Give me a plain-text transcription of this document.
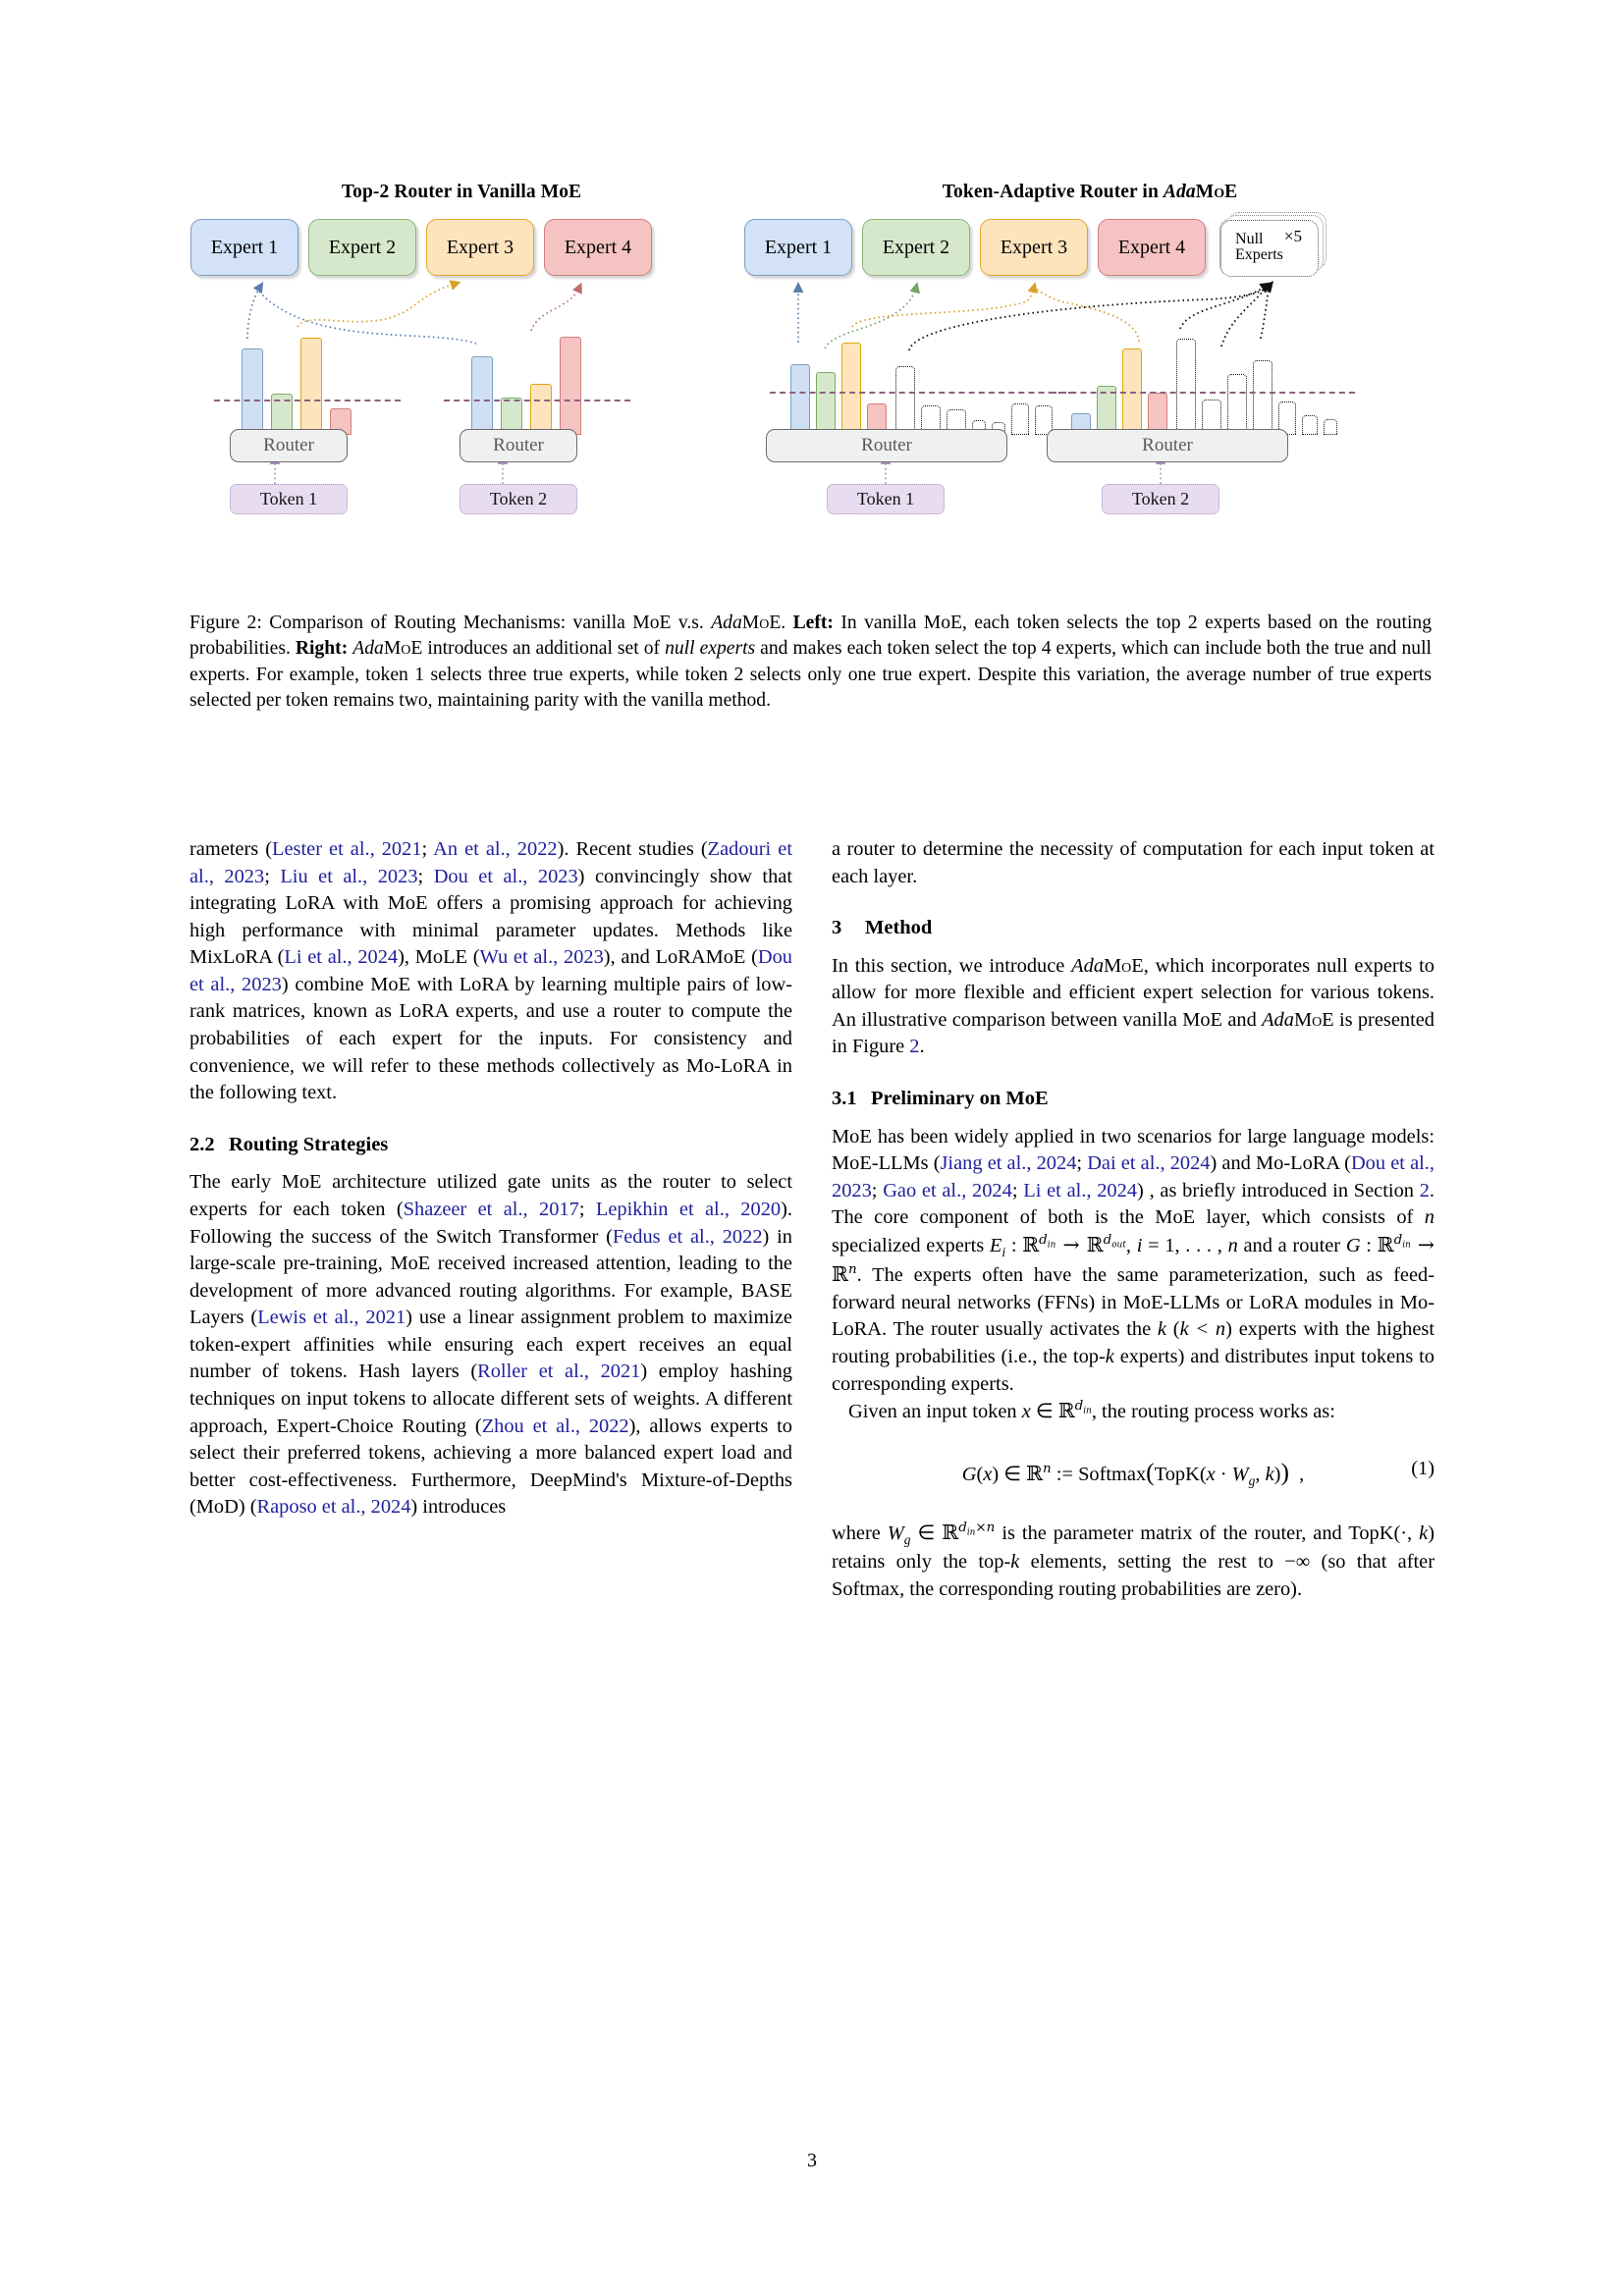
Top-2 Router in Vanilla MoE
Expert 1	Expert 2	Expert 3	Expert 4
Router	Router
Token 1	Token 2
Token-Adaptive Router in AdaMoE
Expert 1	Expert 2	Expert 3	Expert 4	Null
Experts
×5
Router	Router
Token 1	Token 2
Figure 2: Comparison of Routing Mechanisms: vanilla MoE v.s. AdaMoE. Left: In vanilla MoE, each token selects the top 2 experts based on the routing probabilities. Right: AdaMoE introduces an additional set of null experts and makes each token select the top 4 experts, which can include both the true and null experts. For example, token 1 selects three true experts, while token 2 selects only one true expert. Despite this variation, the average number of true experts selected per token remains two, maintaining parity with the vanilla method.

rameters (Lester et al., 2021; An et al., 2022). Recent studies (Zadouri et al., 2023; Liu et al., 2023; Dou et al., 2023) convincingly show that integrating LoRA with MoE offers a promising approach for achieving high performance with minimal parameter updates. Methods like MixLoRA (Li et al., 2024), MoLE (Wu et al., 2023), and LoRAMoE (Dou et al., 2023) combine MoE with LoRA by learning multiple pairs of low-rank matrices, known as LoRA experts, and use a router to compute the probabilities of each expert for the inputs. For consistency and convenience, we will refer to these methods collectively as Mo-LoRA in the following text.

2.2 Routing Strategies

The early MoE architecture utilized gate units as the router to select experts for each token (Shazeer et al., 2017; Lepikhin et al., 2020). Following the success of the Switch Transformer (Fedus et al., 2022) in large-scale pre-training, MoE received increased attention, leading to the development of more advanced routing algorithms. For example, BASE Layers (Lewis et al., 2021) use a linear assignment problem to maximize token-expert affinities while ensuring each expert receives an equal number of tokens. Hash layers (Roller et al., 2021) employ hashing techniques on input tokens to allocate different sets of weights. A different approach, Expert-Choice Routing (Zhou et al., 2022), allows experts to select their preferred tokens, achieving a more balanced expert load and better cost-effectiveness. Furthermore, DeepMind's Mixture-of-Depths (MoD) (Raposo et al., 2024) introduces

a router to determine the necessity of computation for each input token at each layer.

3 Method

In this section, we introduce AdaMoE, which incorporates null experts to allow for more flexible and efficient expert selection for various tokens. An illustrative comparison between vanilla MoE and AdaMoE is presented in Figure 2.

3.1 Preliminary on MoE

MoE has been widely applied in two scenarios for large language models: MoE-LLMs (Jiang et al., 2024; Dai et al., 2024) and Mo-LoRA (Dou et al., 2023; Gao et al., 2024; Li et al., 2024) , as briefly introduced in Section 2. The core component of both is the MoE layer, which consists of n specialized experts $E_i$ : ℝ$^{d_{in}}$ → ℝ$^{d_{out}}$, i = 1, . . . , n and a router G : ℝ$^{d_{in}}$ → ℝ$^n$. The experts often have the same parameterization, such as feed-forward neural networks (FFNs) in MoE-LLMs or LoRA modules in Mo-LoRA. The router usually activates the k (k < n) experts with the highest routing probabilities (i.e., the top-k experts) and distributes input tokens to corresponding experts.

Given an input token x ∈ ℝ$^{d_{in}}$, the routing process works as:

G(x) ∈ ℝ$^n$ := Softmax(TopK(x · $W_g$, k))  ,	(1)

where $W_g$ ∈ ℝ$^{d_{in}\times n}$ is the parameter matrix of the router, and TopK(·, k) retains only the top-k elements, setting the rest to −∞ (so that after Softmax, the corresponding routing probabilities are zero).

3
